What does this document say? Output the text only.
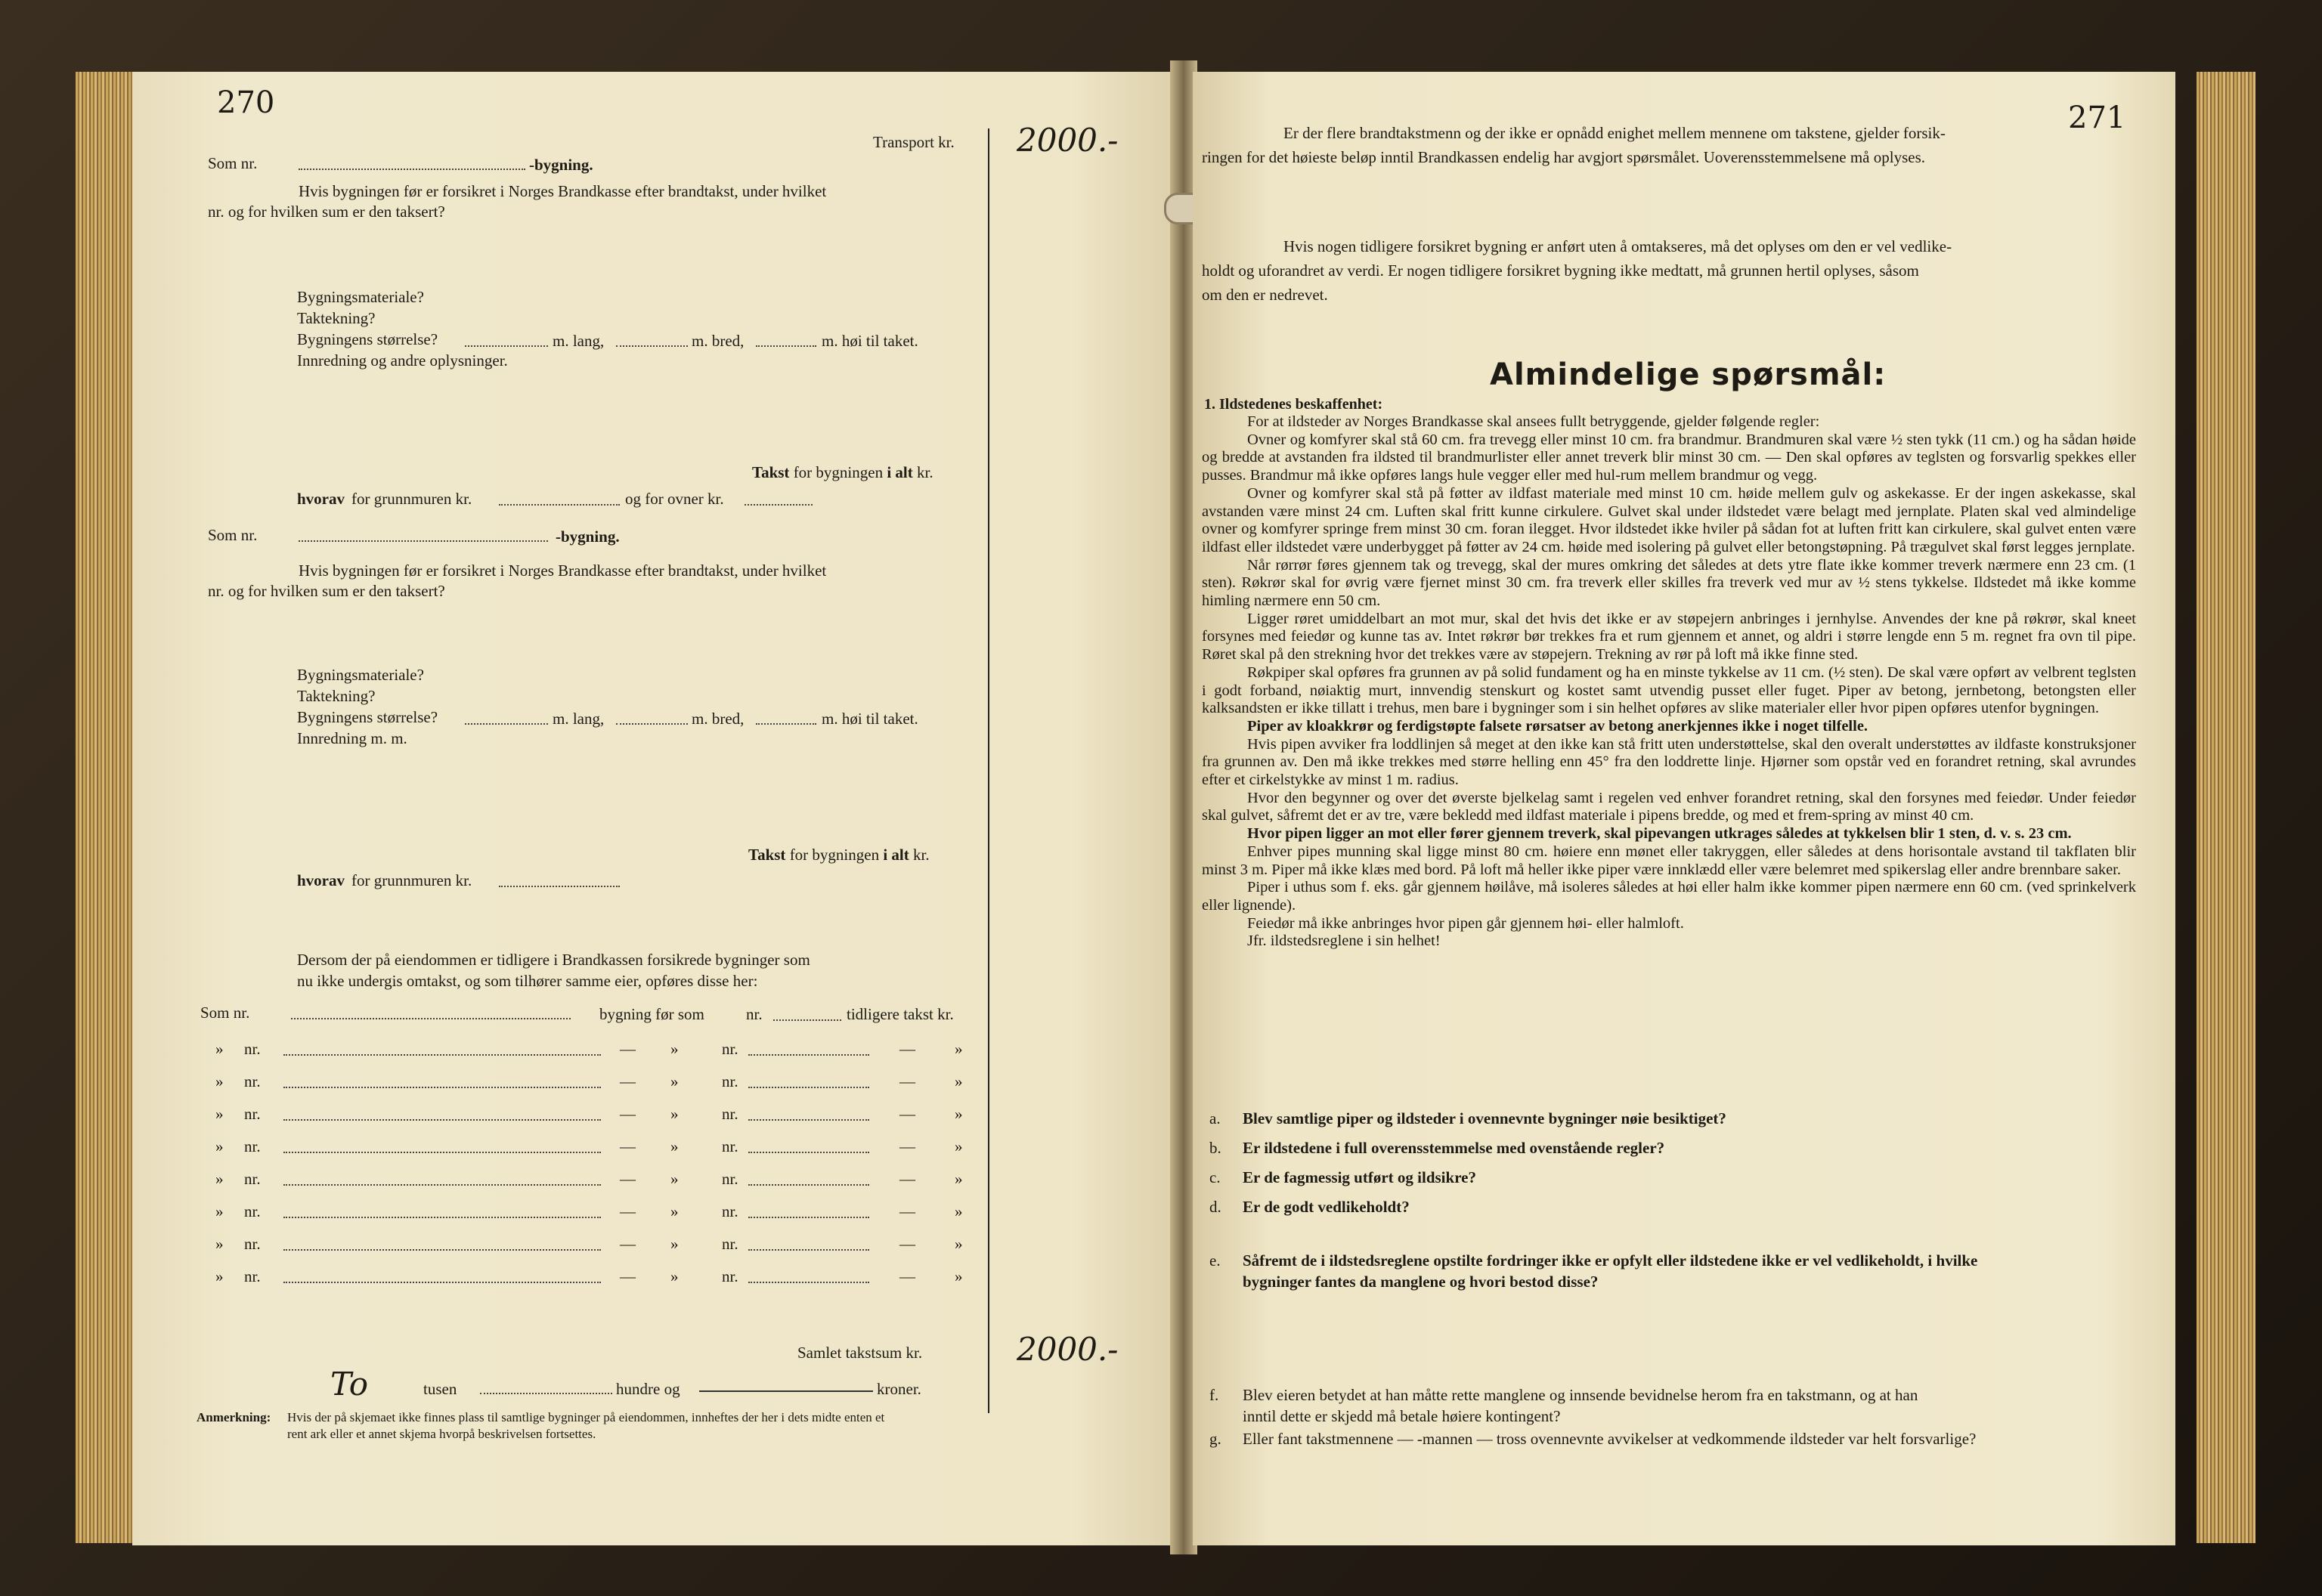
270
Transport kr. 2000.-
Som nr.	-bygning.
Hvis bygningen før er forsikret i Norges Brandkasse efter brandtakst, under hvilket
nr. og for hvilken sum er den taksert?
Bygningsmateriale?
Taktekning?
Bygningens størrelse?	m. lang,	m. bred,	m. høi til taket.
Innredning og andre oplysninger.
Takst for bygningen i alt kr.
hvorav for grunnmuren kr.	og for ovner kr.
Som nr.	-bygning.
Hvis bygningen før er forsikret i Norges Brandkasse efter brandtakst, under hvilket
nr. og for hvilken sum er den taksert?
Bygningsmateriale?
Taktekning?
Bygningens størrelse?	m. lang,	m. bred,	m. høi til taket.
Innredning m. m.
Takst for bygningen i alt kr.
hvorav for grunnmuren kr.
Dersom der på eiendommen er tidligere i Brandkassen forsikrede bygninger som
nu ikke undergis omtakst, og som tilhører samme eier, opføres disse her:
Som nr.	bygning før som	nr.	tidligere takst kr.
» nr.	— »	nr.	— »
» nr.	— »	nr.	— »
» nr.	— »	nr.	— »
» nr.	— »	nr.	— »
» nr.	— »	nr.	— »
» nr.	— »	nr.	— »
» nr.	— »	nr.	— »
» nr.	— »	nr.	— »
Samlet takstsum kr.	2000.-
To	tusen	hundre og	kroner.
Anmerkning: Hvis der på skjemaet ikke finnes plass til samtlige bygninger på eiendommen, innheftes der her i dets midte enten et
rent ark eller et annet skjema hvorpå beskrivelsen fortsettes.
271
Er der flere brandtakstmenn og der ikke er opnådd enighet mellem mennene om takstene, gjelder forsik-
ringen for det høieste beløp inntil Brandkassen endelig har avgjort spørsmålet. Uoverensstemmelsene må oplyses.
Hvis nogen tidligere forsikret bygning er anført uten å omtakseres, må det oplyses om den er vel vedlike-
holdt og uforandret av verdi. Er nogen tidligere forsikret bygning ikke medtatt, må grunnen hertil oplyses, såsom
om den er nedrevet.
Almindelige spørsmål:
1. Ildstedenes beskaffenhet:

For at ildsteder av Norges Brandkasse skal ansees fullt betryggende, gjelder følgende regler:

Ovner og komfyrer skal stå 60 cm. fra trevegg eller minst 10 cm. fra brandmur. Brandmuren skal være ½ sten tykk (11 cm.) og ha sådan høide og bredde at avstanden fra ildsted til brandmurlister eller annet treverk blir minst 30 cm. — Den skal opføres av teglsten og forsvarlig spekkes eller pusses. Brandmur må ikke opføres langs hule vegger eller med hul-rum mellem brandmur og vegg.

Ovner og komfyrer skal stå på føtter av ildfast materiale med minst 10 cm. høide mellem gulv og askekasse. Er der ingen askekasse, skal avstanden være minst 24 cm. Luften skal fritt kunne cirkulere. Gulvet skal under ildstedet være belagt med jernplate. Platen skal ved almindelige ovner og komfyrer springe frem minst 30 cm. foran ilegget. Hvor ildstedet ikke hviler på sådan fot at luften fritt kan cirkulere, skal gulvet enten være ildfast eller ildstedet være underbygget på føtter av 24 cm. høide med isolering på gulvet eller betongstøpning. På trægulvet skal først legges jernplate.

Når rørrør føres gjennem tak og trevegg, skal der mures omkring det således at dets ytre flate ikke kommer treverk nærmere enn 23 cm. (1 sten). Røkrør skal for øvrig være fjernet minst 30 cm. fra treverk eller skilles fra treverk ved mur av ½ stens tykkelse. Ildstedet må ikke komme himling nærmere enn 50 cm.

Ligger røret umiddelbart an mot mur, skal det hvis det ikke er av støpejern anbringes i jernhylse. Anvendes der kne på røkrør, skal kneet forsynes med feiedør og kunne tas av. Intet røkrør bør trekkes fra et rum gjennem et annet, og aldri i større lengde enn 5 m. regnet fra ovn til pipe. Røret skal på den strekning hvor det trekkes være av støpejern. Trekning av rør på loft må ikke finne sted.

Røkpiper skal opføres fra grunnen av på solid fundament og ha en minste tykkelse av 11 cm. (½ sten). De skal være opført av velbrent teglsten i godt forband, nøiaktig murt, innvendig stenskurt og kostet samt utvendig pusset eller fuget. Piper av betong, jernbetong, betongsten eller kalksandsten er ikke tillatt i trehus, men bare i bygninger som i sin helhet opføres av slike materialer eller hvor pipen opføres utenfor bygningen.

Piper av kloakkrør og ferdigstøpte falsete rørsatser av betong anerkjennes ikke i noget tilfelle.

Hvis pipen avviker fra loddlinjen så meget at den ikke kan stå fritt uten understøttelse, skal den overalt understøttes av ildfaste konstruksjoner fra grunnen av. Den må ikke trekkes med større helling enn 45° fra den loddrette linje. Hjørner som opstår ved en forandret retning, skal avrundes efter et cirkelstykke av minst 1 m. radius.

Hvor den begynner og over det øverste bjelkelag samt i regelen ved enhver forandret retning, skal den forsynes med feiedør. Under feiedør skal gulvet, såfremt det er av tre, være bekledd med ildfast materiale i pipens bredde, og med et frem-spring av minst 40 cm.

Hvor pipen ligger an mot eller fører gjennem treverk, skal pipevangen utkrages således at tykkelsen blir 1 sten, d. v. s. 23 cm.

Enhver pipes munning skal ligge minst 80 cm. høiere enn mønet eller takryggen, eller således at dens horisontale avstand til takflaten blir minst 3 m. Piper må ikke klæs med bord. På loft må heller ikke piper være innklædd eller være belemret med spikerslag eller andre brennbare saker.

Piper i uthus som f. eks. går gjennem høilåve, må isoleres således at høi eller halm ikke kommer pipen nærmere enn 60 cm. (ved sprinkelverk eller lignende).

Feiedør må ikke anbringes hvor pipen går gjennem høi- eller halmloft.

Jfr. ildstedsreglene i sin helhet!

a. Blev samtlige piper og ildsteder i ovennevnte bygninger nøie besiktiget?
b. Er ildstedene i full overensstemmelse med ovenstående regler?
c. Er de fagmessig utført og ildsikre?
d. Er de godt vedlikeholdt?
e. Såfremt de i ildstedsreglene opstilte fordringer ikke er opfylt eller ildstedene ikke er vel vedlikeholdt, i hvilke
bygninger fantes da manglene og hvori bestod disse?
f. Blev eieren betydet at han måtte rette manglene og innsende bevidnelse herom fra en takstmann, og at han
inntil dette er skjedd må betale høiere kontingent?
g. Eller fant takstmennene — -mannen — tross ovennevnte avvikelser at vedkommende ildsteder var helt forsvarlige?
